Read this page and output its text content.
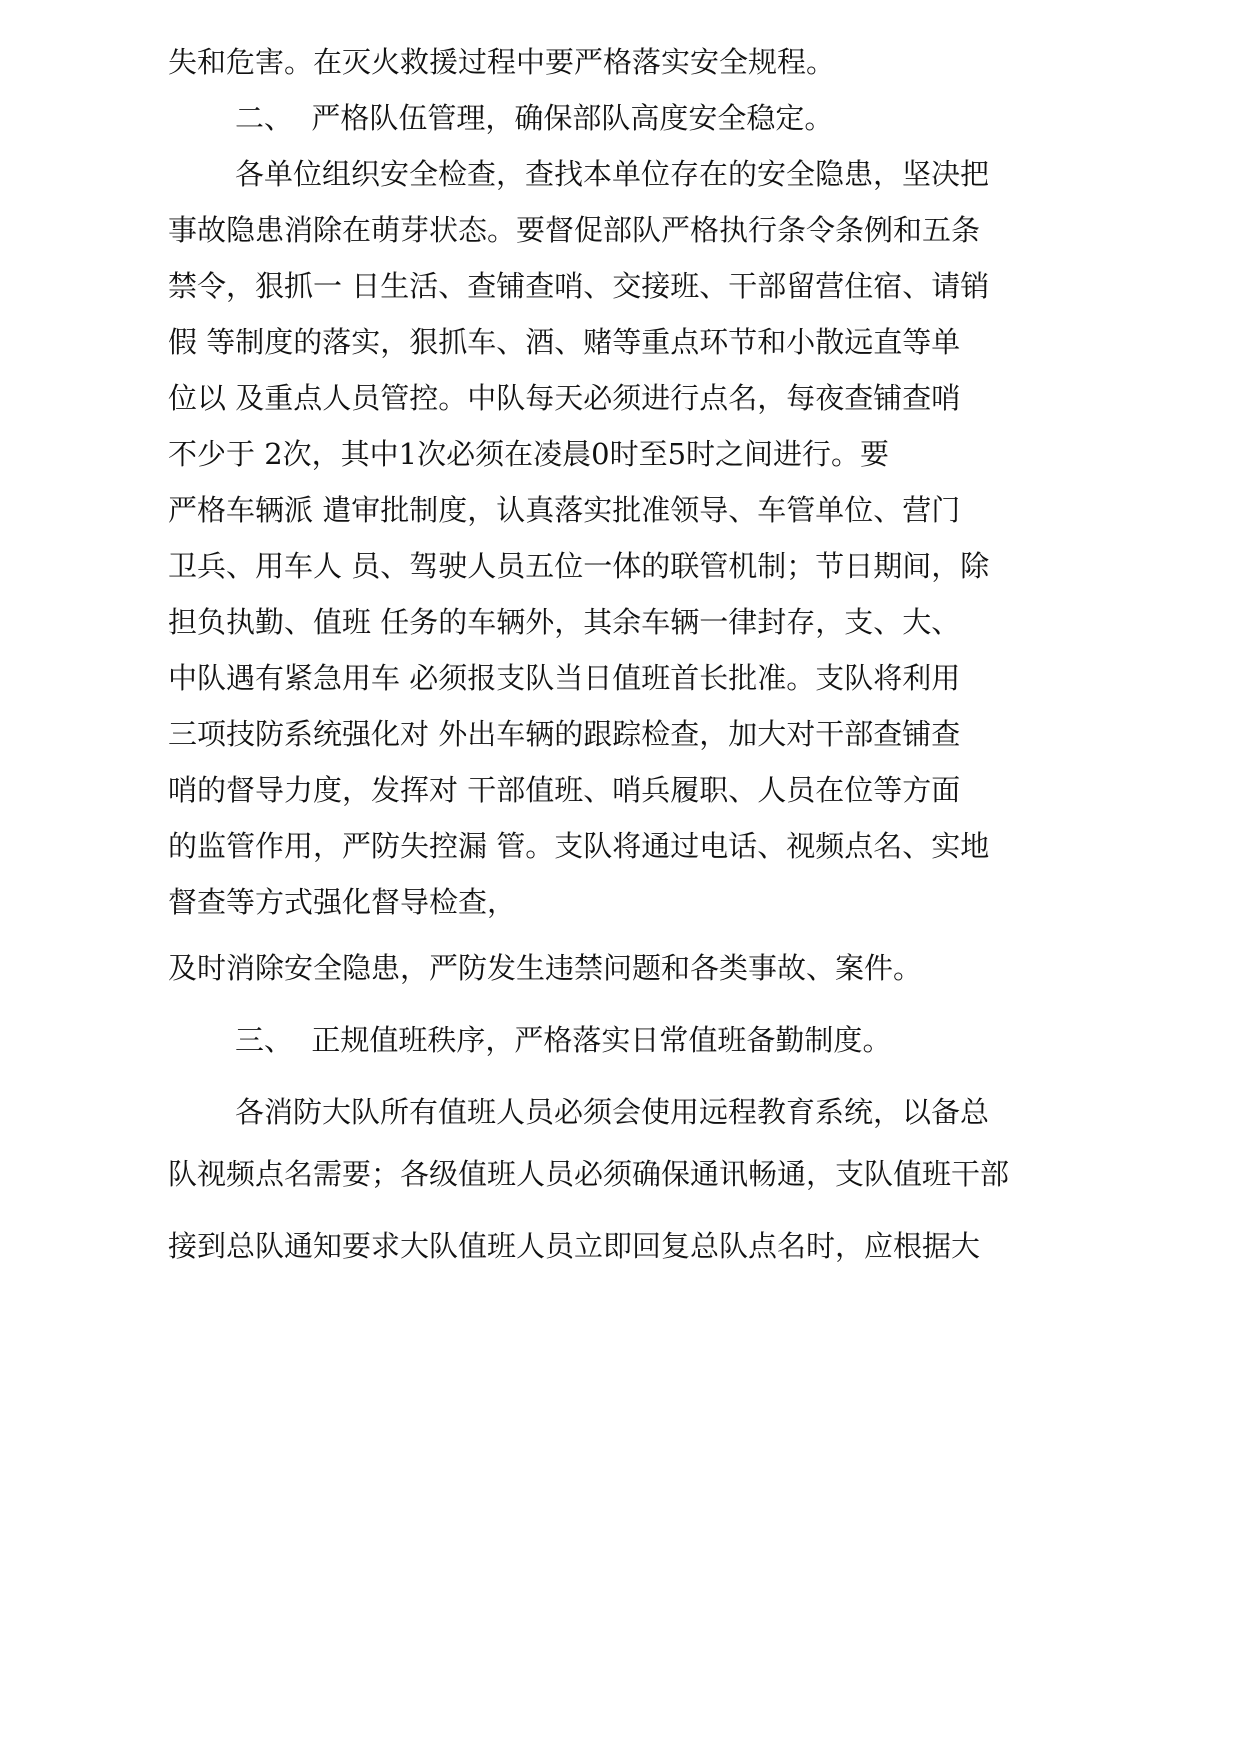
失和危害。在灭火救援过程中要严格落实安全规程。
二、  严格队伍管理，确保部队高度安全稳定。
各单位组织安全检查，查找本单位存在的安全隐患，坚决把
事故隐患消除在萌芽状态。要督促部队严格执行条令条例和五条
禁令，狠抓一 日生活、查铺查哨、交接班、干部留营住宿、请销
假 等制度的落实，狠抓车、酒、赌等重点环节和小散远直等单
位以 及重点人员管控。中队每天必须进行点名，每夜查铺查哨
不少于 2次，其中1次必须在凌晨0时至5时之间进行。要
严格车辆派 遣审批制度，认真落实批准领导、车管单位、营门
卫兵、用车人 员、驾驶人员五位一体的联管机制；节日期间，除
担负执勤、值班 任务的车辆外，其余车辆一律封存，支、大、
中队遇有紧急用车 必须报支队当日值班首长批准。支队将利用
三项技防系统强化对 外出车辆的跟踪检查，加大对干部查铺查
哨的督导力度，发挥对 干部值班、哨兵履职、人员在位等方面
的监管作用，严防失控漏 管。支队将通过电话、视频点名、实地
督查等方式强化督导检查，
及时消除安全隐患，严防发生违禁问题和各类事故、案件。
三、  正规值班秩序，严格落实日常值班备勤制度。
各消防大队所有值班人员必须会使用远程教育系统，以备总
队视频点名需要；各级值班人员必须确保通讯畅通，支队值班干部
接到总队通知要求大队值班人员立即回复总队点名时，应根据大
